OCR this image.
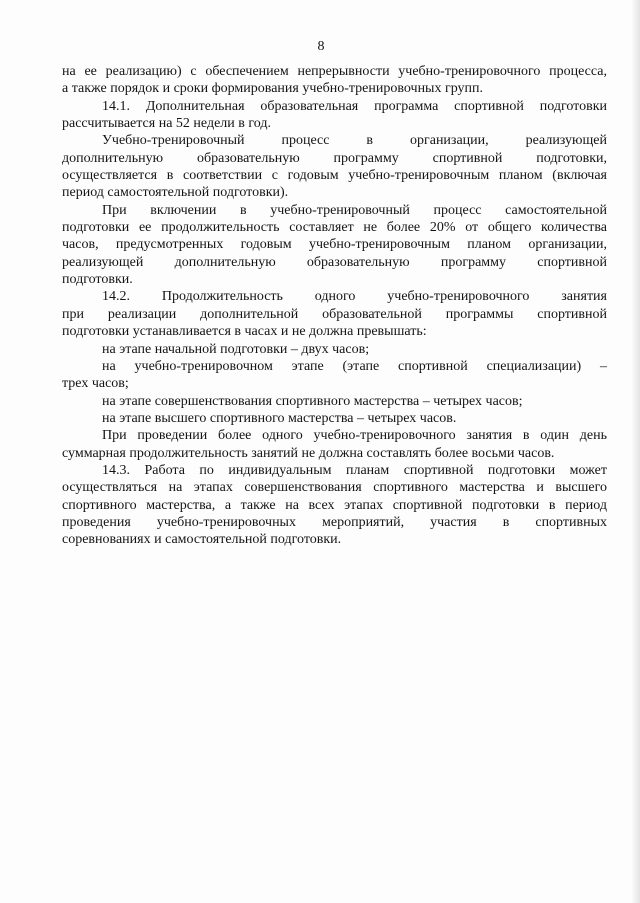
8
на ее реализацию) с обеспечением непрерывности учебно-тренировочного процесса,
а также порядок и сроки формирования учебно-тренировочных групп.
14.1. Дополнительная образовательная программа спортивной подготовки
рассчитывается на 52 недели в год.
Учебно-тренировочный процесс в организации, реализующей
дополнительную образовательную программу спортивной подготовки,
осуществляется в соответствии с годовым учебно-тренировочным планом (включая
период самостоятельной подготовки).
При включении в учебно-тренировочный процесс самостоятельной
подготовки ее продолжительность составляет не более 20% от общего количества
часов, предусмотренных годовым учебно-тренировочным планом организации,
реализующей дополнительную образовательную программу спортивной
подготовки.
14.2. Продолжительность одного учебно-тренировочного занятия
при реализации дополнительной образовательной программы спортивной
подготовки устанавливается в часах и не должна превышать:
на этапе начальной подготовки – двух часов;
на учебно-тренировочном этапе (этапе спортивной специализации) –
трех часов;
на этапе совершенствования спортивного мастерства – четырех часов;
на этапе высшего спортивного мастерства – четырех часов.
При проведении более одного учебно-тренировочного занятия в один день
суммарная продолжительность занятий не должна составлять более восьми часов.
14.3. Работа по индивидуальным планам спортивной подготовки может
осуществляться на этапах совершенствования спортивного мастерства и высшего
спортивного мастерства, а также на всех этапах спортивной подготовки в период
проведения учебно-тренировочных мероприятий, участия в спортивных
соревнованиях и самостоятельной подготовки.
